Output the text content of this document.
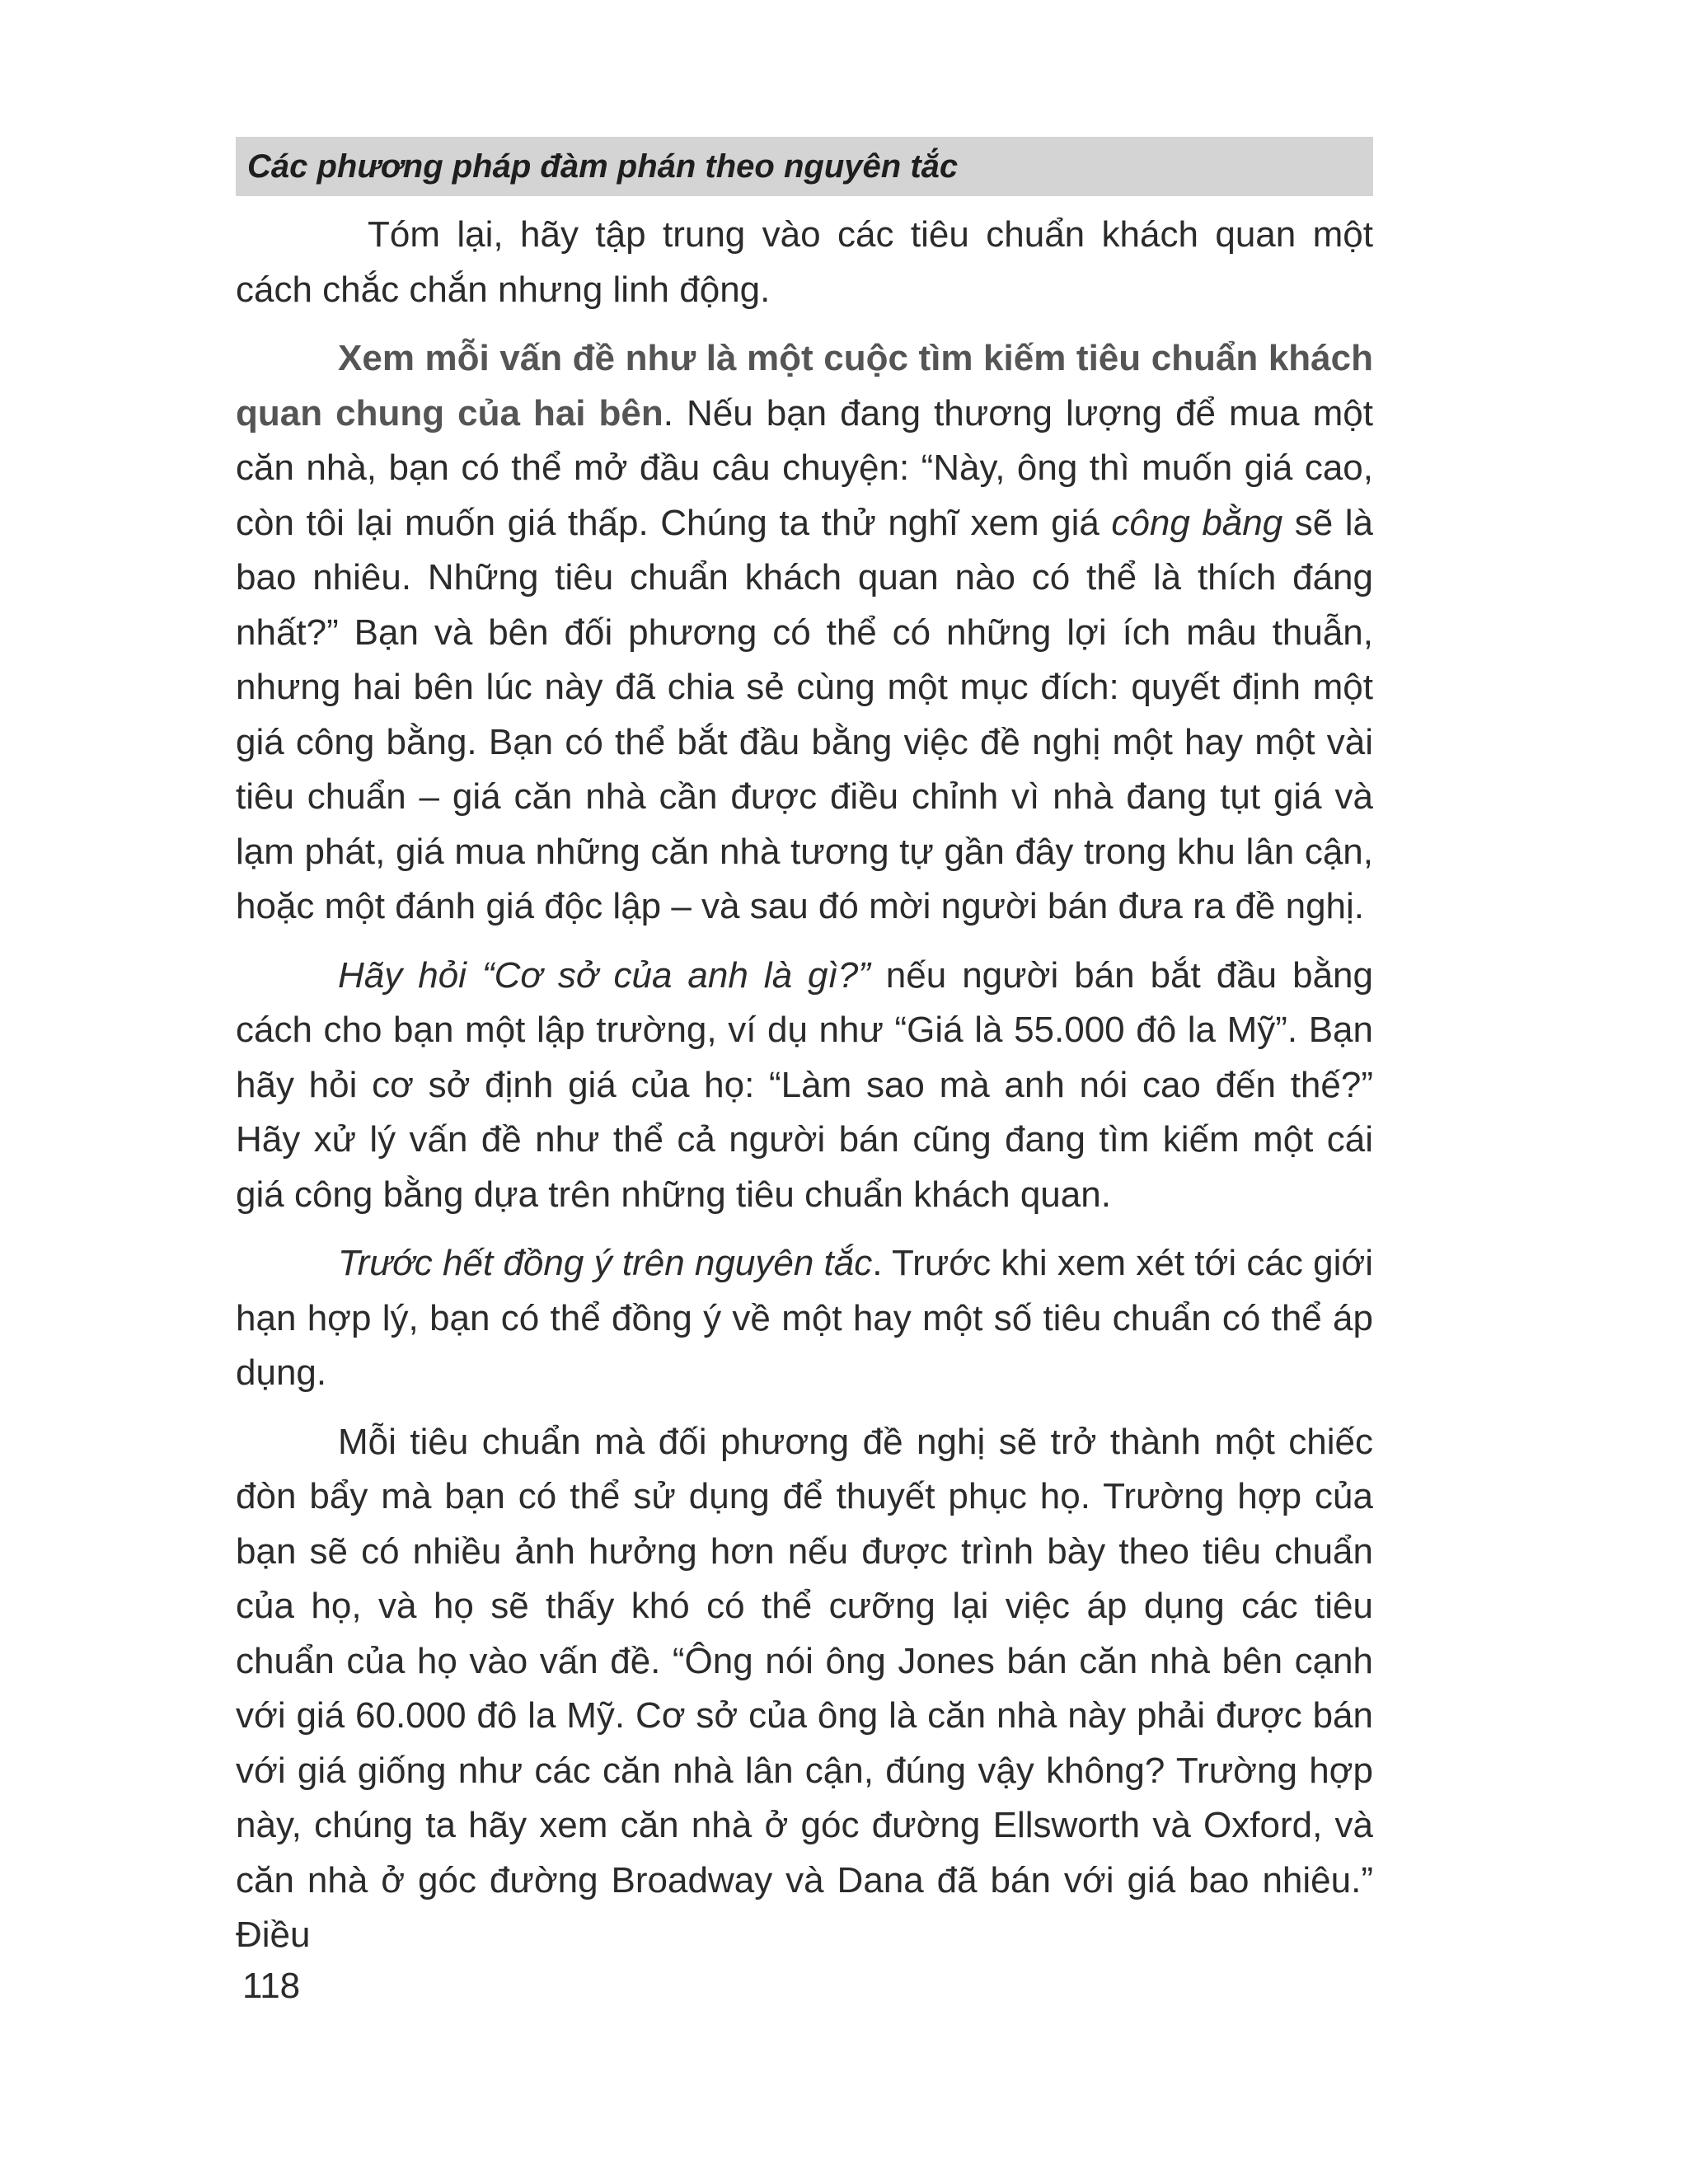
Các phương pháp đàm phán theo nguyên tắc

Tóm lại, hãy tập trung vào các tiêu chuẩn khách quan một cách chắc chắn nhưng linh động.

Xem mỗi vấn đề như là một cuộc tìm kiếm tiêu chuẩn khách quan chung của hai bên. Nếu bạn đang thương lượng để mua một căn nhà, bạn có thể mở đầu câu chuyện: “Này, ông thì muốn giá cao, còn tôi lại muốn giá thấp. Chúng ta thử nghĩ xem giá công bằng sẽ là bao nhiêu. Những tiêu chuẩn khách quan nào có thể là thích đáng nhất?” Bạn và bên đối phương có thể có những lợi ích mâu thuẫn, nhưng hai bên lúc này đã chia sẻ cùng một mục đích: quyết định một giá công bằng. Bạn có thể bắt đầu bằng việc đề nghị một hay một vài tiêu chuẩn – giá căn nhà cần được điều chỉnh vì nhà đang tụt giá và lạm phát, giá mua những căn nhà tương tự gần đây trong khu lân cận, hoặc một đánh giá độc lập – và sau đó mời người bán đưa ra đề nghị.

Hãy hỏi “Cơ sở của anh là gì?” nếu người bán bắt đầu bằng cách cho bạn một lập trường, ví dụ như “Giá là 55.000 đô la Mỹ”. Bạn hãy hỏi cơ sở định giá của họ: “Làm sao mà anh nói cao đến thế?” Hãy xử lý vấn đề như thể cả người bán cũng đang tìm kiếm một cái giá công bằng dựa trên những tiêu chuẩn khách quan.

Trước hết đồng ý trên nguyên tắc. Trước khi xem xét tới các giới hạn hợp lý, bạn có thể đồng ý về một hay một số tiêu chuẩn có thể áp dụng.

Mỗi tiêu chuẩn mà đối phương đề nghị sẽ trở thành một chiếc đòn bẩy mà bạn có thể sử dụng để thuyết phục họ. Trường hợp của bạn sẽ có nhiều ảnh hưởng hơn nếu được trình bày theo tiêu chuẩn của họ, và họ sẽ thấy khó có thể cưỡng lại việc áp dụng các tiêu chuẩn của họ vào vấn đề. “Ông nói ông Jones bán căn nhà bên cạnh với giá 60.000 đô la Mỹ. Cơ sở của ông là căn nhà này phải được bán với giá giống như các căn nhà lân cận, đúng vậy không? Trường hợp này, chúng ta hãy xem căn nhà ở góc đường Ellsworth và Oxford, và căn nhà ở góc đường Broadway và Dana đã bán với giá bao nhiêu.” Điều

118
